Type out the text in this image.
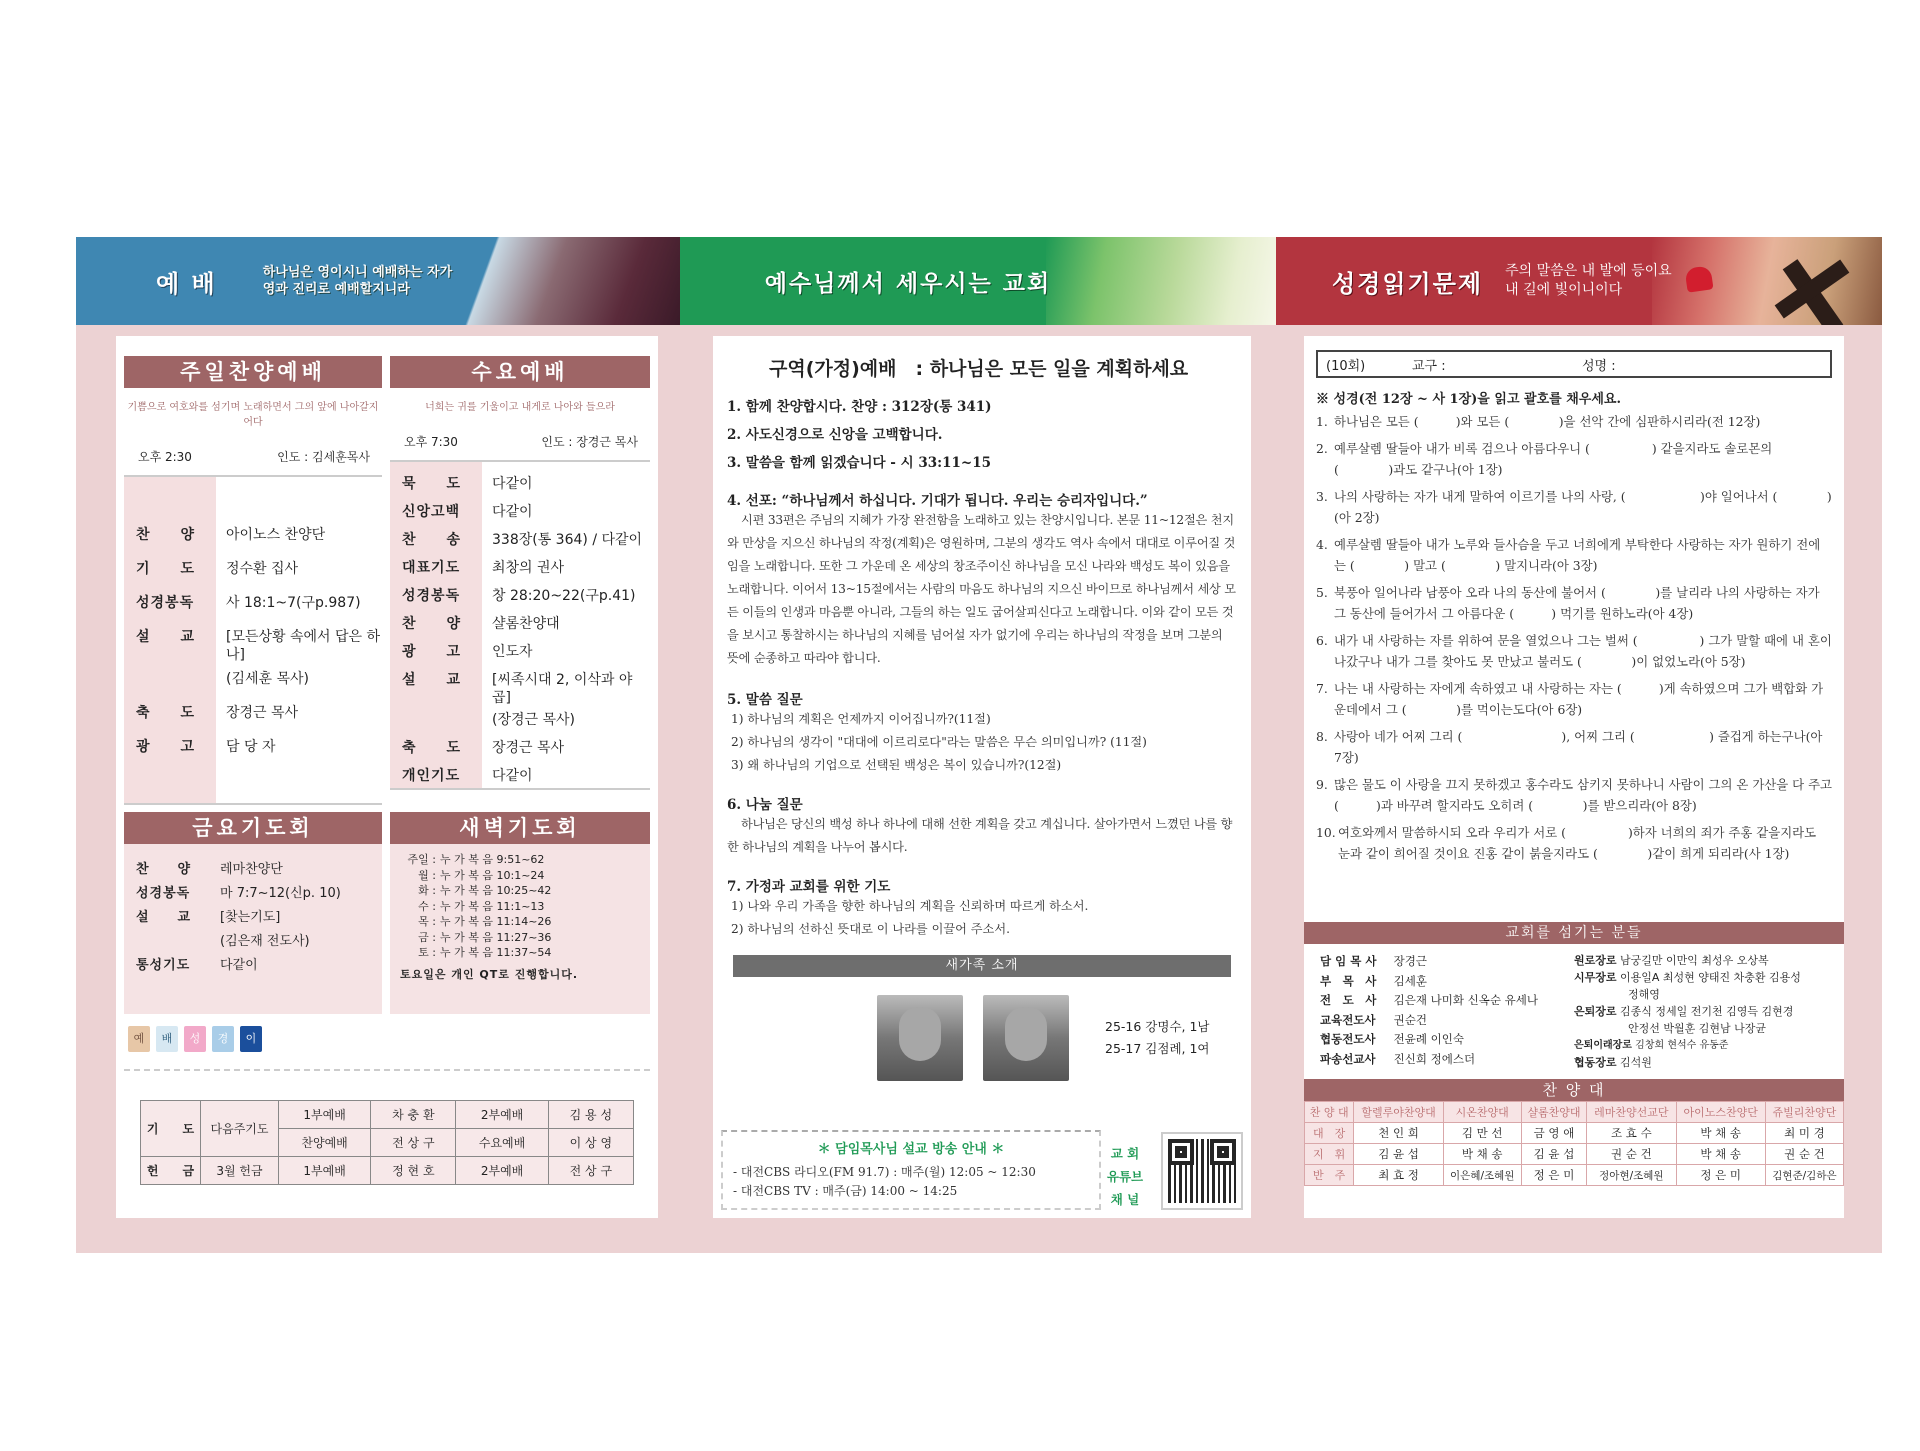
예 배	하나님은 영이시니 예배하는 자가
영과 진리로 예배할지니라	예수님께서 세우시는 교회	성경읽기문제 주의 말씀은 내 발에 등이요
내 길에 빛이니이다
주일찬양예배
기쁨으로 여호와를 섬기며 노래하면서 그의 앞에 나아갈지어다
오후 2:30	인도 : 김세훈목사
찬　　양	아이노스 찬양단
기　　도	정수환 집사
성경봉독	사 18:1~7(구p.987)
설　　교	[모든상황 속에서 답은 하나]
(김세훈 목사)
축　　도	장경근 목사
광　　고	담 당 자
수요예배
너희는 귀를 기울이고 내게로 나아와 들으라
오후 7:30	인도 : 장경근 목사
묵　　도	다같이
신앙고백	다같이
찬　　송	338장(통 364) / 다같이
대표기도	최창의 권사
성경봉독	창 28:20~22(구p.41)
찬　　양	샬롬찬양대
광　　고	인도자
설　　교	[씨족시대 2, 이삭과 야곱]
(장경근 목사)
축　　도	장경근 목사
개인기도	다같이
금요기도회
찬　　양	레마찬양단
성경봉독	마 7:7~12(신p. 10)
설　　교	[찾는기도]
(김은재 전도사)
통성기도	다같이
새벽기도회
주일 : 누 가 복 음 9:51~62
월 : 누 가 복 음 10:1~24
화 : 누 가 복 음 10:25~42
수 : 누 가 복 음 11:1~13
목 : 누 가 복 음 11:14~26
금 : 누 가 복 음 11:27~36
토 : 누 가 복 음 11:37~54
토요일은 개인 QT로 진행합니다.
예	배	성	경	이
기　　도	다음주기도	1부예배	차 충 환	2부예배	김 용 성
		찬양예배	전 상 구	수요예배	이 상 영
헌　　금	3월 헌금	1부예배	정 현 호	2부예배	전 상 구
구역(가정)예배　: 하나님은 모든 일을 계획하세요
1. 함께 찬양합시다. 찬양 : 312장(통 341)
2. 사도신경으로 신앙을 고백합니다.
3. 말씀을 함께 읽겠습니다 - 시 33:11~15
4. 선포: “하나님께서 하십니다. 기대가 됩니다. 우리는 승리자입니다.”
시편 33편은 주님의 지혜가 가장 완전함을 노래하고 있는 찬양시입니다. 본문 11~12절은 천지와 만상을 지으신 하나님의 작정(계획)은 영원하며, 그분의 생각도 역사 속에서 대대로 이루어질 것임을 노래합니다. 또한 그 가운데 온 세상의 창조주이신 하나님을 모신 나라와 백성도 복이 있음을 노래합니다. 이어서 13~15절에서는 사람의 마음도 하나님의 지으신 바이므로 하나님께서 세상 모든 이들의 인생과 마음뿐 아니라, 그들의 하는 일도 굽어살피신다고 노래합니다. 이와 같이 모든 것을 보시고 통찰하시는 하나님의 지혜를 넘어설 자가 없기에 우리는 하나님의 작정을 보며 그분의 뜻에 순종하고 따라야 합니다.
5. 말씀 질문
1) 하나님의 계획은 언제까지 이어집니까?(11절)
2) 하나님의 생각이 "대대에 이르리로다"라는 말씀은 무슨 의미입니까? (11절)
3) 왜 하나님의 기업으로 선택된 백성은 복이 있습니까?(12절)
6. 나눔 질문
하나님은 당신의 백성 하나 하나에 대해 선한 계획을 갖고 계십니다. 살아가면서 느꼈던 나를 향한 하나님의 계획을 나누어 봅시다.
7. 가정과 교회를 위한 기도
1) 나와 우리 가족을 향한 하나님의 계획을 신뢰하며 따르게 하소서.
2) 하나님의 선하신 뜻대로 이 나라를 이끌어 주소서.
새가족 소개
25-16 강명수, 1남
25-17 김점례, 1여
＊ 담임목사님 설교 방송 안내 ＊
- 대전CBS 라디오(FM 91.7) : 매주(월) 12:05 ~ 12:30
- 대전CBS TV : 매주(금) 14:00 ~ 14:25
교 회
유튜브
채 널
(10회)	교구 :	성명 :
※ 성경(전 12장 ~ 사 1장)을 읽고 괄호를 채우세요.
1. 하나님은 모든 (　　　)와 모든 (　　　　)을 선악 간에 심판하시리라(전 12장)
2. 예루살렘 딸들아 내가 비록 검으나 아름다우니 (　　　　　) 같을지라도 솔로몬의 (　　　　)과도 같구나(아 1장)
3. 나의 사랑하는 자가 내게 말하여 이르기를 나의 사랑, (　　　　　　)야 일어나서 (　　　　)(아 2장)
4. 예루살렘 딸들아 내가 노루와 들사슴을 두고 너희에게 부탁한다 사랑하는 자가 원하기 전에는 (　　　　) 말고 (　　　　) 말지니라(아 3장)
5. 북풍아 일어나라 남풍아 오라 나의 동산에 불어서 (　　　　)를 날리라 나의 사랑하는 자가 그 동산에 들어가서 그 아름다운 (　　　) 먹기를 원하노라(아 4장)
6. 내가 내 사랑하는 자를 위하여 문을 열었으나 그는 벌써 (　　　　　) 그가 말할 때에 내 혼이 나갔구나 내가 그를 찾아도 못 만났고 불러도 (　　　　)이 없었노라(아 5장)
7. 나는 내 사랑하는 자에게 속하였고 내 사랑하는 자는 (　　　)게 속하였으며 그가 백합화 가운데에서 그 (　　　　)를 먹이는도다(아 6장)
8. 사랑아 네가 어찌 그리 (　　　　　　　　), 어찌 그리 (　　　　　　) 즐겁게 하는구나(아 7장)
9. 많은 물도 이 사랑을 끄지 못하겠고 홍수라도 삼키지 못하나니 사람이 그의 온 가산을 다 주고 (　　　)과 바꾸려 할지라도 오히려 (　　　　)를 받으리라(아 8장)
10. 여호와께서 말씀하시되 오라 우리가 서로 (　　　　　)하자 너희의 죄가 주홍 같을지라도 눈과 같이 희어질 것이요 진홍 같이 붉을지라도 (　　　　)같이 희게 되리라(사 1장)
교회를 섬기는 분들
담 임 목 사 장경근
부　목　사 김세훈
전　도　사 김은재 나미화 신옥순 유세나
교육전도사 권순건
협동전도사 전윤례 이인숙
파송선교사 진신희 정에스더
원로장로 남궁길만 이만익 최성우 오상복
시무장로 이용일A 최성현 양태진 차충환 김용성
정해영
은퇴장로 김종식 정세일 전기천 김영득 김현경
안정선 박월훈 김현남 나장균
은퇴이래장로 김창희 현석수 유동준
협동장로 김석원
찬 양 대
찬 양 대	할렐루야찬양대	시온찬양대	샬롬찬양대	레마찬양선교단	아이노스찬양단	쥬빌리찬양단
대　장	천 인 희	김 만 선	금 영 애	조 효 수	박 채 송	최 미 경
지　휘	김 윤 섭	박 채 송	김 윤 섭	권 순 건	박 채 송	권 순 건
반　주	최 효 정	이은혜/조혜원	정 은 미	정아현/조혜원	정 은 미	김현준/김하은
